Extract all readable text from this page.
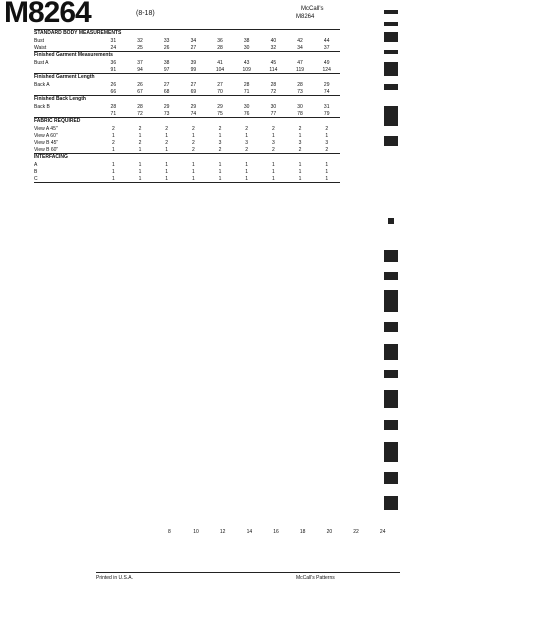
M8264	(8-18)
McCall's
M8264
STANDARD BODY MEASUREMENTS
Bust	31	32	33	34	36	38	40	42	44
Waist	24	25	26	27	28	30	32	34	37
Finished Garment Measurements
Bust A	36	37	38	39	41	43	45	47	49
91	94	97	99	104	109	114	119	124
Finished Garment Length
Back A	26	26	27	27	27	28	28	28	29
66	67	68	69	70	71	72	73	74
Finished Back Length
Back B	28	28	29	29	29	30	30	30	31
71	72	73	74	75	76	77	78	79
FABRIC REQUIRED
View A 45"	2	2	2	2	2	2	2	2	2
View A 60"	1	1	1	1	1	1	1	1	1
View B 45"	2	2	2	2	3	3	3	3	3
View B 60"	1	1	1	2	2	2	2	2	2
INTERFACING
A	1	1	1	1	1	1	1	1	1
B	1	1	1	1	1	1	1	1	1
C	1	1	1	1	1	1	1	1	1
8	10	12	14	16	18	20	22	24
Printed in U.S.A.	McCall's Patterns
